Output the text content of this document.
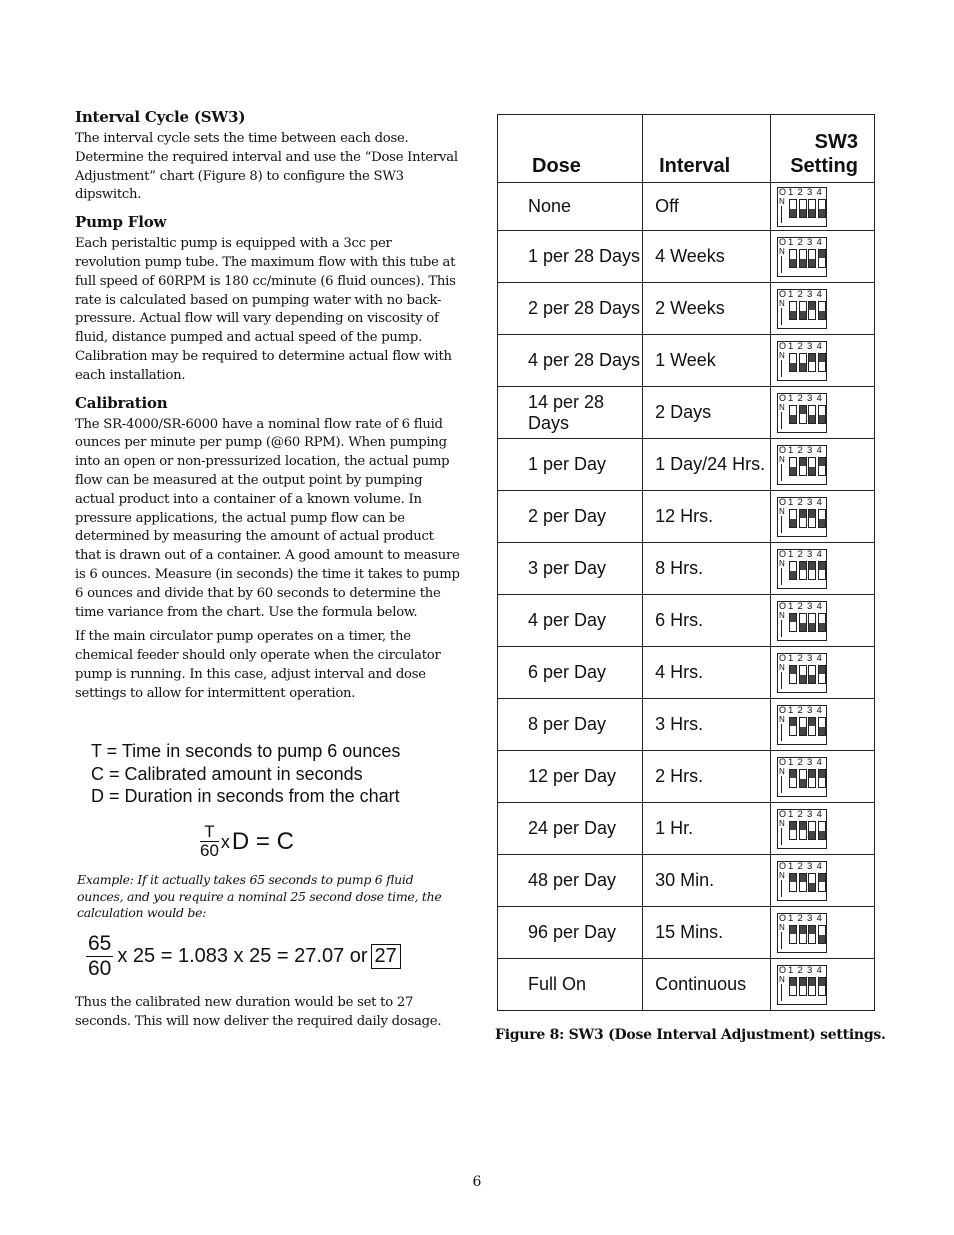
Interval Cycle (SW3)
The interval cycle sets the time between each dose. Determine the required interval and use the “Dose Interval Adjustment” chart (Figure 8) to configure the SW3 dipswitch.
Pump Flow
Each peristaltic pump is equipped with a 3cc per revolution pump tube. The maximum flow with this tube at full speed of 60RPM is 180 cc/minute (6 fluid ounces). This rate is calculated based on pumping water with no back-pressure. Actual flow will vary depending on viscosity of fluid, distance pumped and actual speed of the pump. Calibration may be required to determine actual flow with each installation.
Calibration
The SR-4000/SR-6000 have a nominal flow rate of 6 fluid ounces per minute per pump (@60 RPM). When pumping into an open or non-pressurized location, the actual pump flow can be measured at the output point by pumping actual product into a container of a known volume. In pressure applications, the actual pump flow can be determined by measuring the amount of actual product that is drawn out of a container. A good amount to measure is 6 ounces. Measure (in seconds) the time it takes to pump 6 ounces and divide that by 60 seconds to determine the time variance from the chart. Use the formula below.
If the main circulator pump operates on a timer, the chemical feeder should only operate when the circulator pump is running. In this case, adjust interval and dose settings to allow for intermittent operation.
T = Time in seconds to pump 6 ounces
C = Calibrated amount in seconds
D = Duration in seconds from the chart
$\frac{T}{60}$ xD = C
Example: If it actually takes 65 seconds to pump 6 fluid ounces, and you require a nominal 25 second dose time, the calculation would be:
$\frac{65}{60}$ x 25 = 1.083 x 25 = 27.07 or 27
Thus the calibrated new duration would be set to 27 seconds. This will now deliver the required daily dosage.
Dose	Interval	SW3
Setting
None	Off	O
N
1234

1 per 28 Days	4 Weeks	O
N
1234

2 per 28 Days	2 Weeks	O
N
1234

4 per 28 Days	1 Week	O
N
1234

14 per 28 Days	2 Days	O
N
1234

1 per Day	1 Day/24 Hrs.	O
N
1234

2 per Day	12 Hrs.	O
N
1234

3 per Day	8 Hrs.	O
N
1234

4 per Day	6 Hrs.	O
N
1234

6 per Day	4 Hrs.	O
N
1234

8 per Day	3 Hrs.	O
N
1234

12 per Day	2 Hrs.	O
N
1234

24 per Day	1 Hr.	O
N
1234

48 per Day	30 Min.	O
N
1234

96 per Day	15 Mins.	O
N
1234

Full On	Continuous	O
N
1234
Figure 8: SW3 (Dose Interval Adjustment) settings.
6
